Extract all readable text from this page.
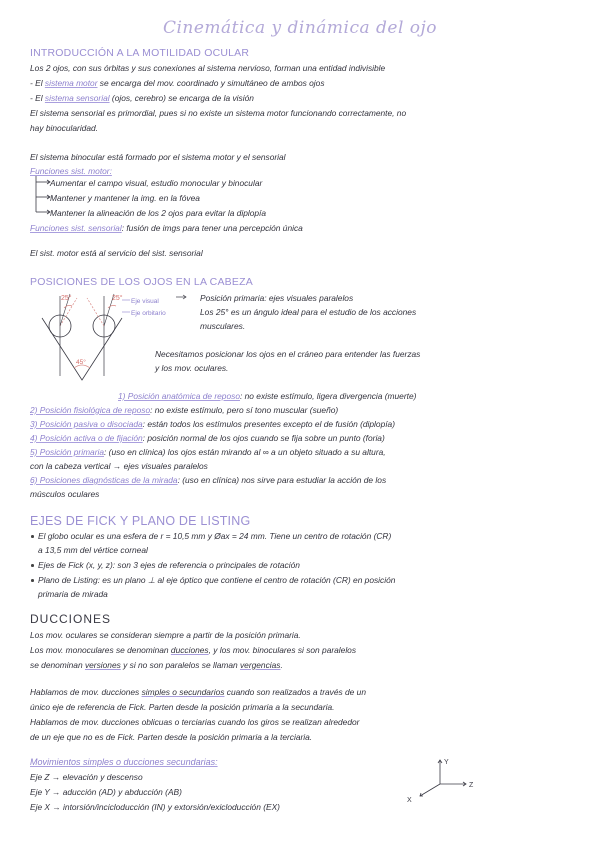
Cinemática y dinámica del ojo
INTRODUCCIÓN A LA MOTILIDAD OCULAR
Los 2 ojos, con sus órbitas y sus conexiones al sistema nervioso, forman una entidad indivisible
- El sistema motor se encarga del mov. coordinado y simultáneo de ambos ojos
- El sistema sensorial (ojos, cerebro) se encarga de la visión
El sistema sensorial es primordial, pues si no existe un sistema motor funcionando correctamente, no
hay binocularidad.
El sistema binocular está formado por el sistema motor y el sensorial
Funciones sist. motor:
Aumentar el campo visual, estudio monocular y binocular
Mantener y mantener la img. en la fóvea
Mantener la alineación de los 2 ojos para evitar la diplopía
Funciones sist. sensorial: fusión de imgs para tener una percepción única
El sist. motor está al servicio del sist. sensorial
POSICIONES DE LOS OJOS EN LA CABEZA
25°	25°
45°
Eje visual
Eje orbitario
Posición primaria: ejes visuales paralelos
Los 25° es un ángulo ideal para el estudio de los acciones
musculares.
Necesitamos posicionar los ojos en el cráneo para entender las fuerzas
y los mov. oculares.
1) Posición anatómica de reposo: no existe estímulo, ligera divergencia (muerte)
2) Posición fisiológica de reposo: no existe estímulo, pero sí tono muscular (sueño)
3) Posición pasiva o disociada: están todos los estímulos presentes excepto el de fusión (diplopía)
4) Posición activa o de fijación: posición normal de los ojos cuando se fija sobre un punto (foria)
5) Posición primaria: (uso en clínica) los ojos están mirando al ∞ a un objeto situado a su altura,
con la cabeza vertical → ejes visuales paralelos
6) Posiciones diagnósticas de la mirada: (uso en clínica) nos sirve para estudiar la acción de los
músculos oculares
EJES DE FICK Y PLANO DE LISTING
El globo ocular es una esfera de r = 10,5 mm y Øax = 24 mm. Tiene un centro de rotación (CR)
a 13,5 mm del vértice corneal
Ejes de Fick (x, y, z): son 3 ejes de referencia o principales de rotación
Plano de Listing: es un plano ⊥ al eje óptico que contiene el centro de rotación (CR) en posición
primaria de mirada
DUCCIONES
Los mov. oculares se consideran siempre a partir de la posición primaria.
Los mov. monoculares se denominan ducciones, y los mov. binoculares si son paralelos
se denominan versiones y si no son paralelos se llaman vergencias.
Hablamos de mov. ducciones simples o secundarios cuando son realizados a través de un
único eje de referencia de Fick. Parten desde la posición primaria a la secundaria.
Hablamos de mov. ducciones oblicuas o terciarias cuando los giros se realizan alrededor
de un eje que no es de Fick. Parten desde la posición primaria a la terciaria.
Movimientos simples o ducciones secundarias:
Eje Z → elevación y descenso
Eje Y → aducción (AD) y abducción (AB)
Eje X → intorsión/incicloducción (IN) y extorsión/exicloducción (EX)
Y
Z
X
